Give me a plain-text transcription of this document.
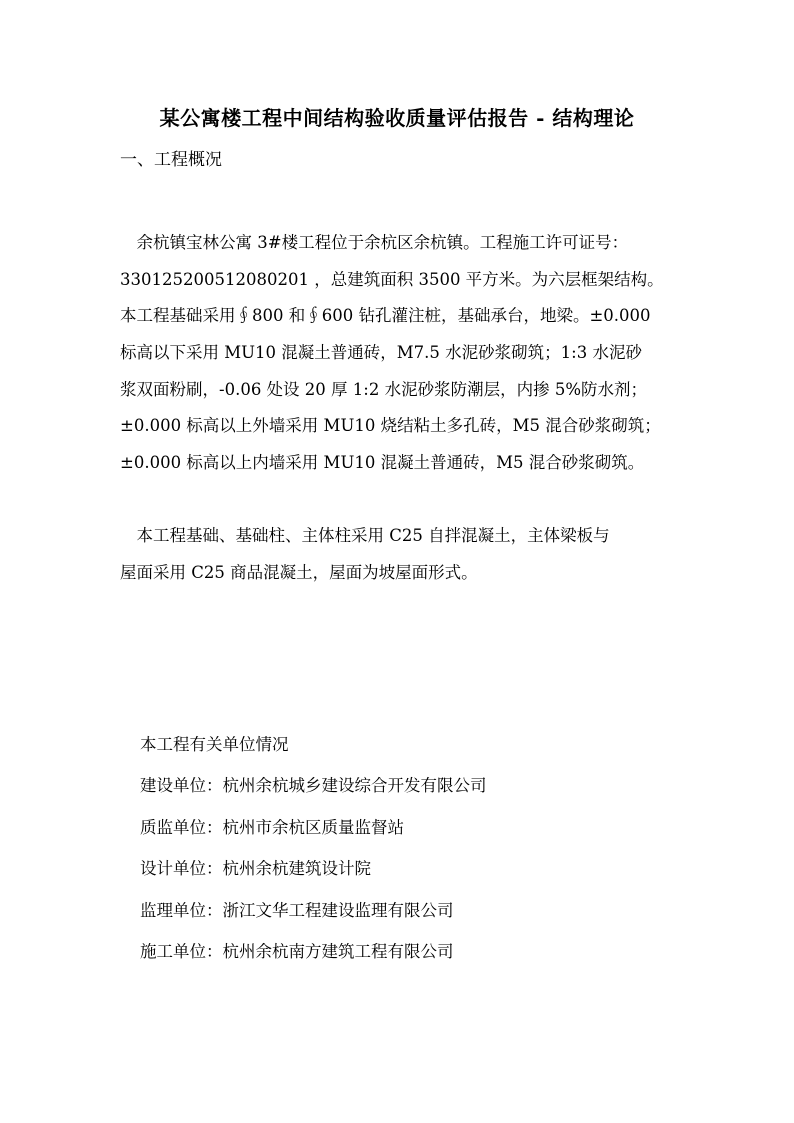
某公寓楼工程中间结构验收质量评估报告 - 结构理论
一、工程概况
　余杭镇宝林公寓 3#楼工程位于余杭区余杭镇。工程施工许可证号：
330125200512080201 ，总建筑面积 3500 平方米。为六层框架结构。
本工程基础采用∮800 和∮600 钻孔灌注桩，基础承台，地梁。±0.000
标高以下采用 MU10 混凝土普通砖，M7.5 水泥砂浆砌筑；1:3 水泥砂
浆双面粉刷，-0.06 处设 20 厚 1:2 水泥砂浆防潮层，内掺 5%防水剂；
±0.000 标高以上外墙采用 MU10 烧结粘土多孔砖，M5 混合砂浆砌筑；
±0.000 标高以上内墙采用 MU10 混凝土普通砖，M5 混合砂浆砌筑。
　本工程基础、基础柱、主体柱采用 C25 自拌混凝土，主体梁板与
屋面采用 C25 商品混凝土，屋面为坡屋面形式。
本工程有关单位情况
建设单位：杭州余杭城乡建设综合开发有限公司
质监单位：杭州市余杭区质量监督站
设计单位：杭州余杭建筑设计院
监理单位：浙江文华工程建设监理有限公司
施工单位：杭州余杭南方建筑工程有限公司
